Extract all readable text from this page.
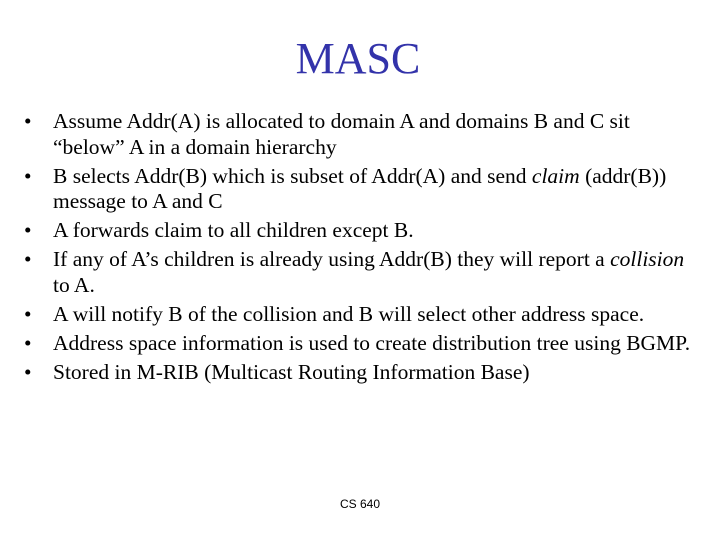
MASC
• Assume Addr(A) is allocated to domain A and domains B and C sit “below” A in a domain hierarchy
• B selects Addr(B) which is subset of Addr(A) and send claim (addr(B)) message to A and C
• A forwards claim to all children except B.
• If any of A’s children is already using Addr(B) they will report a collision to A.
• A will notify B of the collision and B will select other address space.
• Address space information is used to create distribution tree using BGMP.
• Stored in M-RIB (Multicast Routing Information Base)
CS 640
